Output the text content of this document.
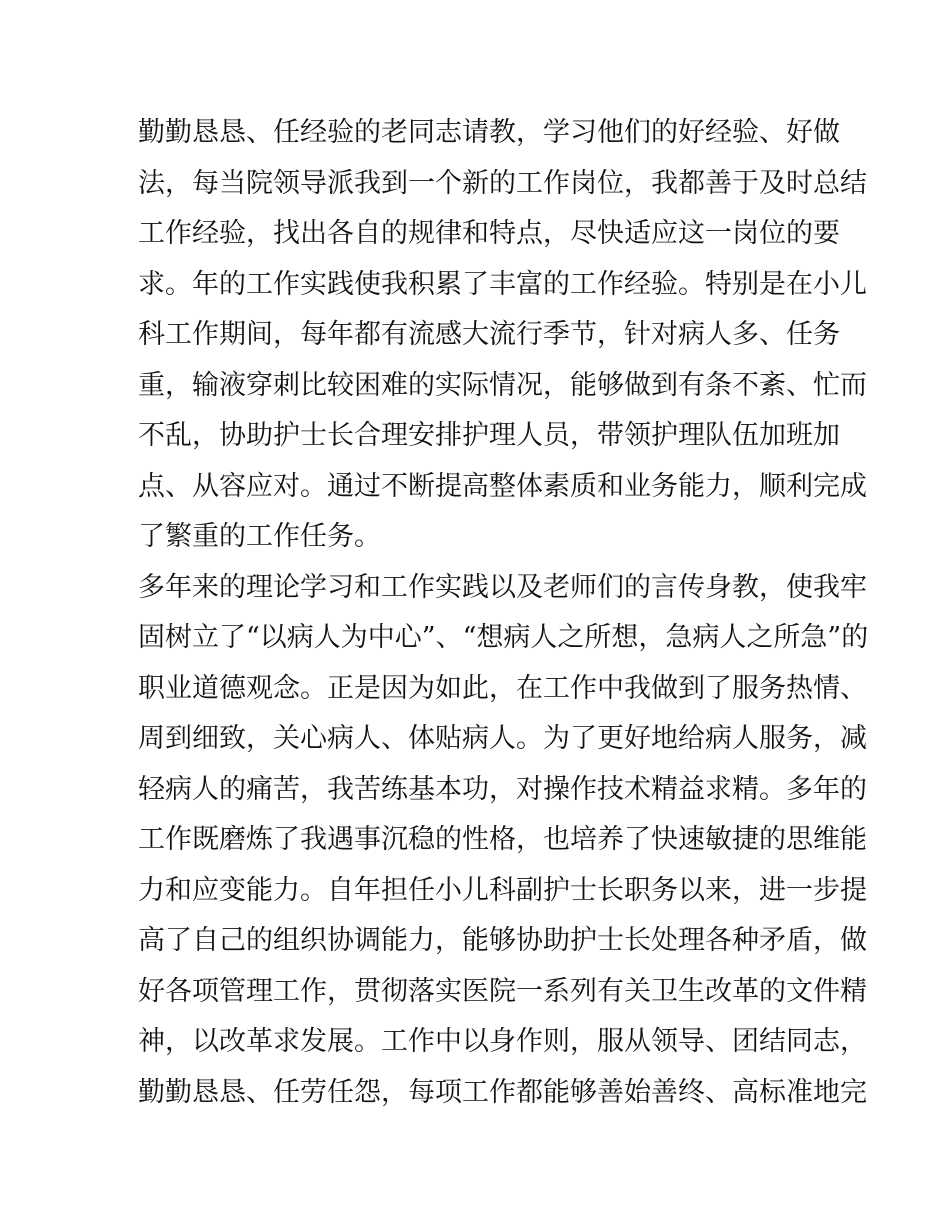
勤勤恳恳、任经验的老同志请教，学习他们的好经验、好做
法，每当院领导派我到一个新的工作岗位，我都善于及时总结
工作经验，找出各自的规律和特点，尽快适应这一岗位的要
求。年的工作实践使我积累了丰富的工作经验。特别是在小儿
科工作期间，每年都有流感大流行季节，针对病人多、任务
重，输液穿刺比较困难的实际情况，能够做到有条不紊、忙而
不乱，协助护士长合理安排护理人员，带领护理队伍加班加
点、从容应对。通过不断提高整体素质和业务能力，顺利完成
了繁重的工作任务。
多年来的理论学习和工作实践以及老师们的言传身教，使我牢
固树立了“以病人为中心”、“想病人之所想，急病人之所急”的
职业道德观念。正是因为如此，在工作中我做到了服务热情、
周到细致，关心病人、体贴病人。为了更好地给病人服务，减
轻病人的痛苦，我苦练基本功，对操作技术精益求精。多年的
工作既磨炼了我遇事沉稳的性格，也培养了快速敏捷的思维能
力和应变能力。自年担任小儿科副护士长职务以来，进一步提
高了自己的组织协调能力，能够协助护士长处理各种矛盾，做
好各项管理工作，贯彻落实医院一系列有关卫生改革的文件精
神，以改革求发展。工作中以身作则，服从领导、团结同志，
勤勤恳恳、任劳任怨，每项工作都能够善始善终、高标准地完
